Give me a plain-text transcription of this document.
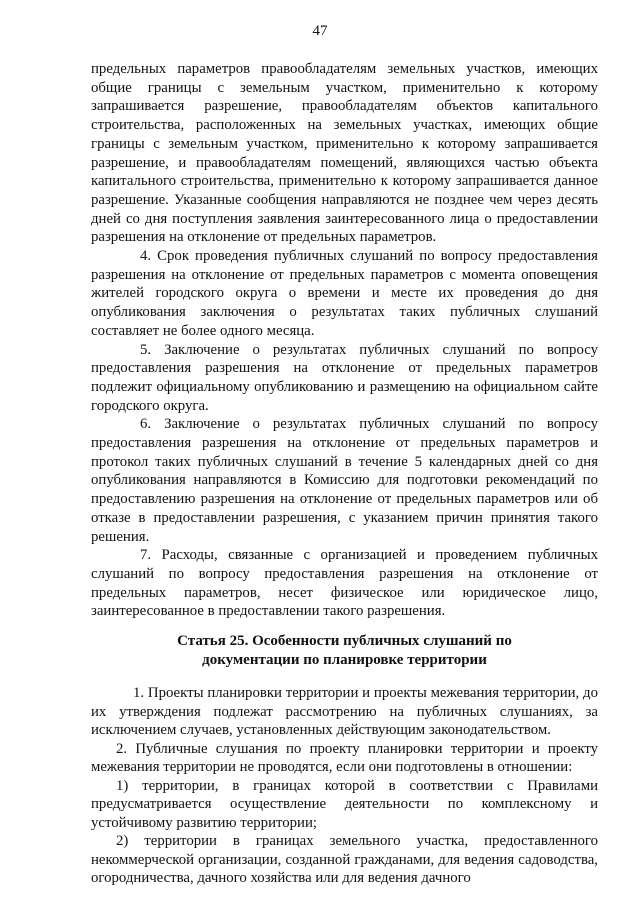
47

предельных параметров правообладателям земельных участков, имеющих общие границы с земельным участком, применительно к которому запрашивается разрешение, правообладателям объектов капитального строительства, расположенных на земельных участках, имеющих общие границы с земельным участком, применительно к которому запрашивается разрешение, и правообладателям помещений, являющихся частью объекта капитального строительства, применительно к которому запрашивается данное разрешение. Указанные сообщения направляются не позднее чем через десять дней со дня поступления заявления заинтересованного лица о предоставлении разрешения на отклонение от предельных параметров.

4. Срок проведения публичных слушаний по вопросу предоставления разрешения на отклонение от предельных параметров с момента оповещения жителей городского округа о времени и месте их проведения до дня опубликования заключения о результатах таких публичных слушаний составляет не более одного месяца.

5. Заключение о результатах публичных слушаний по вопросу предоставления разрешения на отклонение от предельных параметров подлежит официальному опубликованию и размещению на официальном сайте городского округа.

6. Заключение о результатах публичных слушаний по вопросу предоставления разрешения на отклонение от предельных параметров и протокол таких публичных слушаний в течение 5 календарных дней со дня опубликования направляются в Комиссию для подготовки рекомендаций по предоставлению разрешения на отклонение от предельных параметров или об отказе в предоставлении разрешения, с указанием причин принятия такого решения.

7. Расходы, связанные с организацией и проведением публичных слушаний по вопросу предоставления разрешения на отклонение от предельных параметров, несет физическое или юридическое лицо, заинтересованное в предоставлении такого разрешения.

Статья 25. Особенности публичных слушаний по
документации по планировке территории

1. Проекты планировки территории и проекты межевания территории, до их утверждения подлежат рассмотрению на публичных слушаниях, за исключением случаев, установленных действующим законодательством.

2. Публичные слушания по проекту планировки территории и проекту межевания территории не проводятся, если они подготовлены в отношении:

1) территории, в границах которой в соответствии с Правилами предусматривается осуществление деятельности по комплексному и устойчивому развитию территории;

2) территории в границах земельного участка, предоставленного некоммерческой организации, созданной гражданами, для ведения садоводства, огородничества, дачного хозяйства или для ведения дачного
